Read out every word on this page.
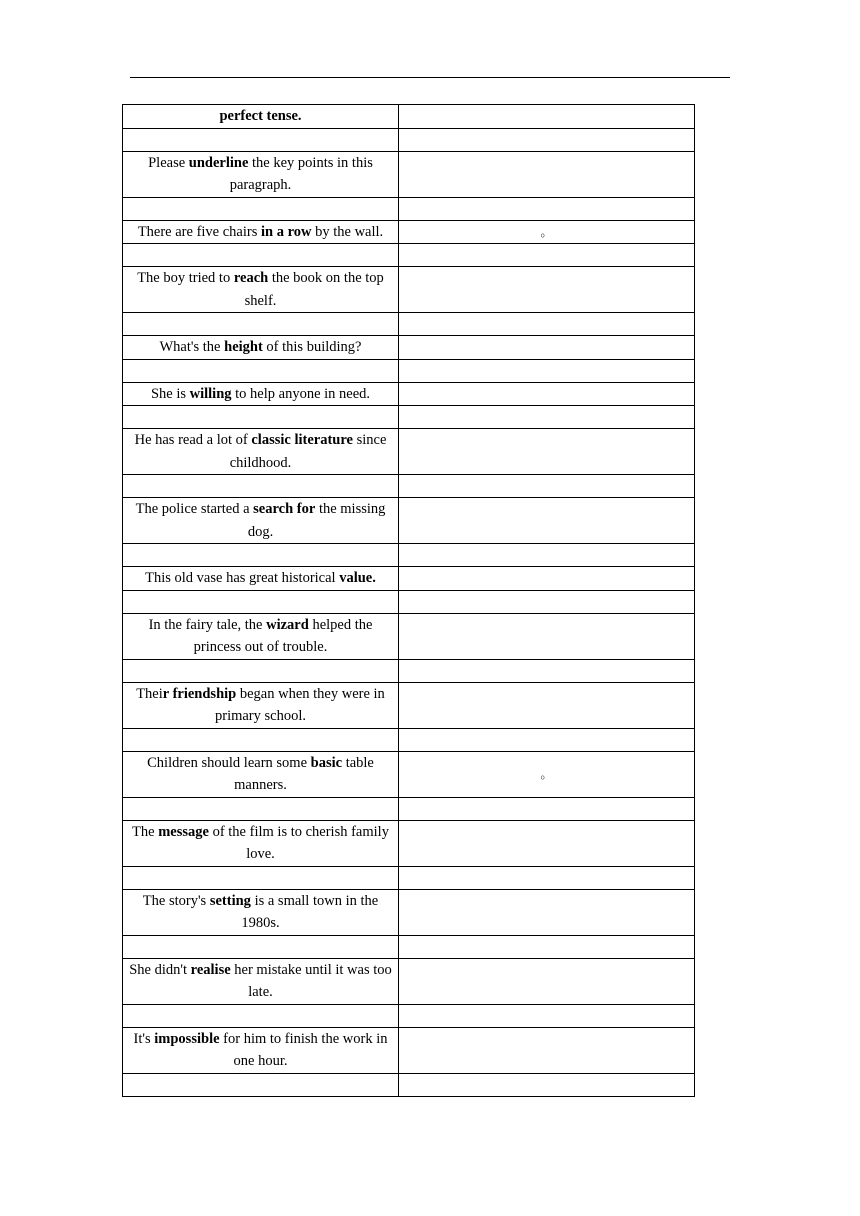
perfect tense.	

Please underline the key points in this paragraph.	

There are five chairs in a row by the wall.	。

The boy tried to reach the book on the top shelf.	

What's the height of this building?	

She is willing to help anyone in need.	

He has read a lot of classic literature since childhood.	

The police started a search for the missing dog.	

This old vase has great historical value.	

In the fairy tale, the wizard helped the princess out of trouble.	

Their friendship began when they were in primary school.	

Children should learn some basic table manners.	。

The message of the film is to cherish family love.	

The story's setting is a small town in the 1980s.	

She didn't realise her mistake until it was too late.	

It's impossible for him to finish the work in one hour.	
